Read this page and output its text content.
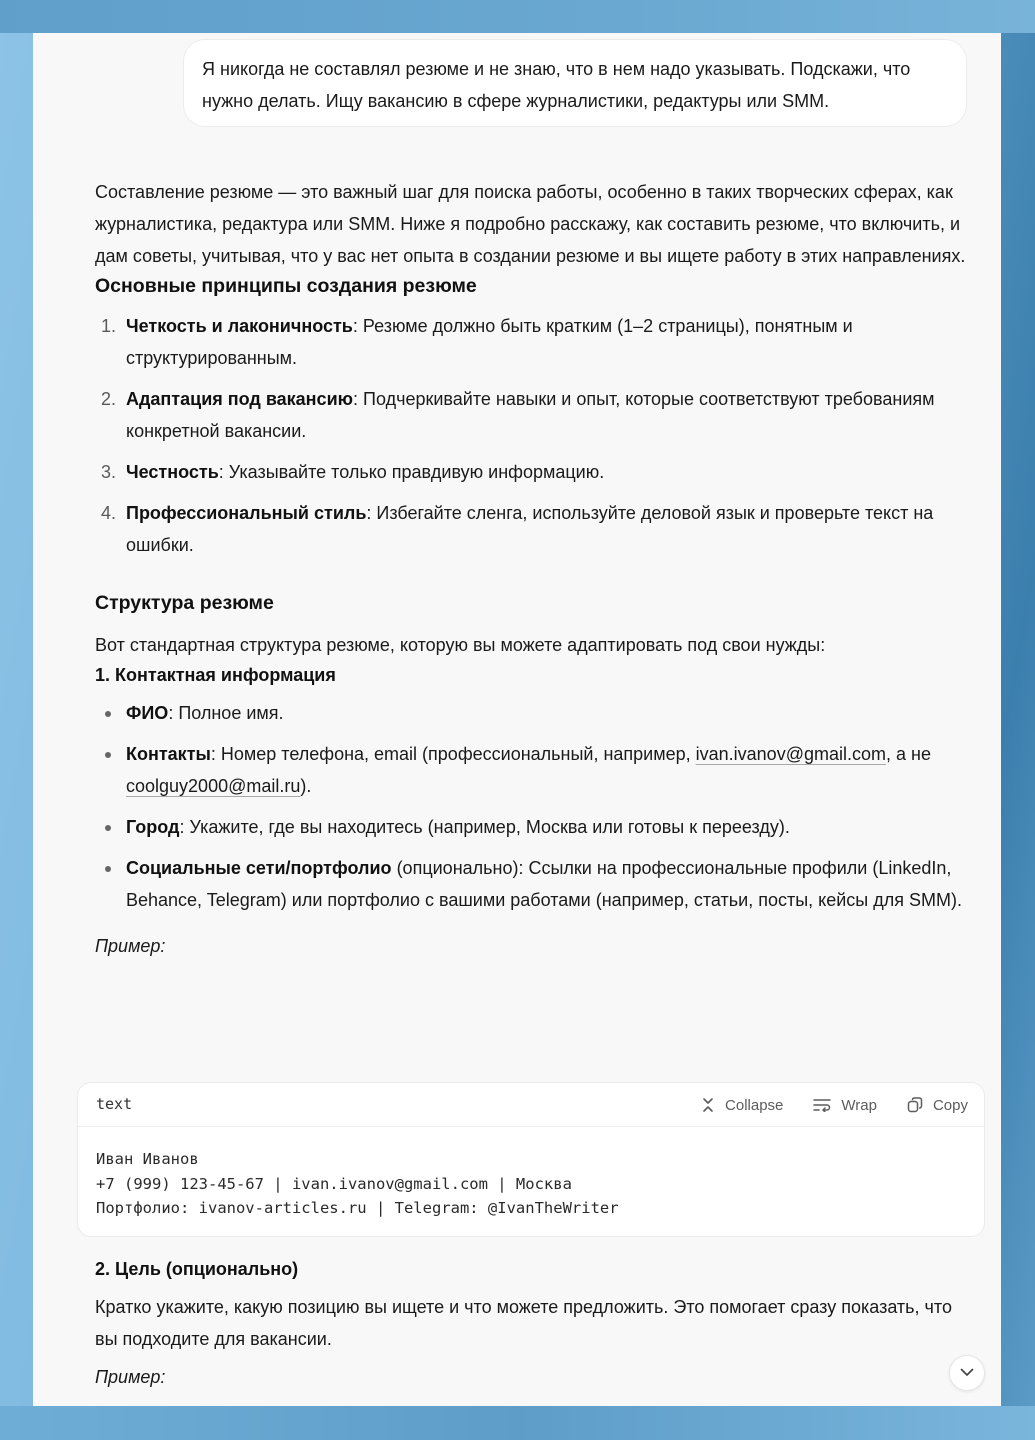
Я никогда не составлял резюме и не знаю, что в нем надо указывать. Подскажи, что нужно делать. Ищу вакансию в сфере журналистики, редактуры или SMM.

Составление резюме — это важный шаг для поиска работы, особенно в таких творческих сферах, как журналистика, редактура или SMM. Ниже я подробно расскажу, как составить резюме, что включить, и дам советы, учитывая, что у вас нет опыта в создании резюме и вы ищете работу в этих направлениях.

Основные принципы создания резюме
1. Четкость и лаконичность: Резюме должно быть кратким (1–2 страницы), понятным и структурированным.
2. Адаптация под вакансию: Подчеркивайте навыки и опыт, которые соответствуют требованиям конкретной вакансии.
3. Честность: Указывайте только правдивую информацию.
4. Профессиональный стиль: Избегайте сленга, используйте деловой язык и проверьте текст на ошибки.
Структура резюме

Вот стандартная структура резюме, которую вы можете адаптировать под свои нужды:

1. Контактная информация
ФИО: Полное имя.
Контакты: Номер телефона, email (профессиональный, например, ivan.ivanov@gmail.com, а не coolguy2000@mail.ru).
Город: Укажите, где вы находитесь (например, Москва или готовы к переезду).
Социальные сети/портфолио (опционально): Ссылки на профессиональные профили (LinkedIn, Behance, Telegram) или портфолио с вашими работами (например, статьи, посты, кейсы для SMM).

Пример:

text	Collapse	Wrap	Copy
Иван Иванов
+7 (999) 123-45-67 | ivan.ivanov@gmail.com | Москва
Портфолио: ivanov-articles.ru | Telegram: @IvanTheWriter
2. Цель (опционально)

Кратко укажите, какую позицию вы ищете и что можете предложить. Это помогает сразу показать, что вы подходите для вакансии.

Пример:
